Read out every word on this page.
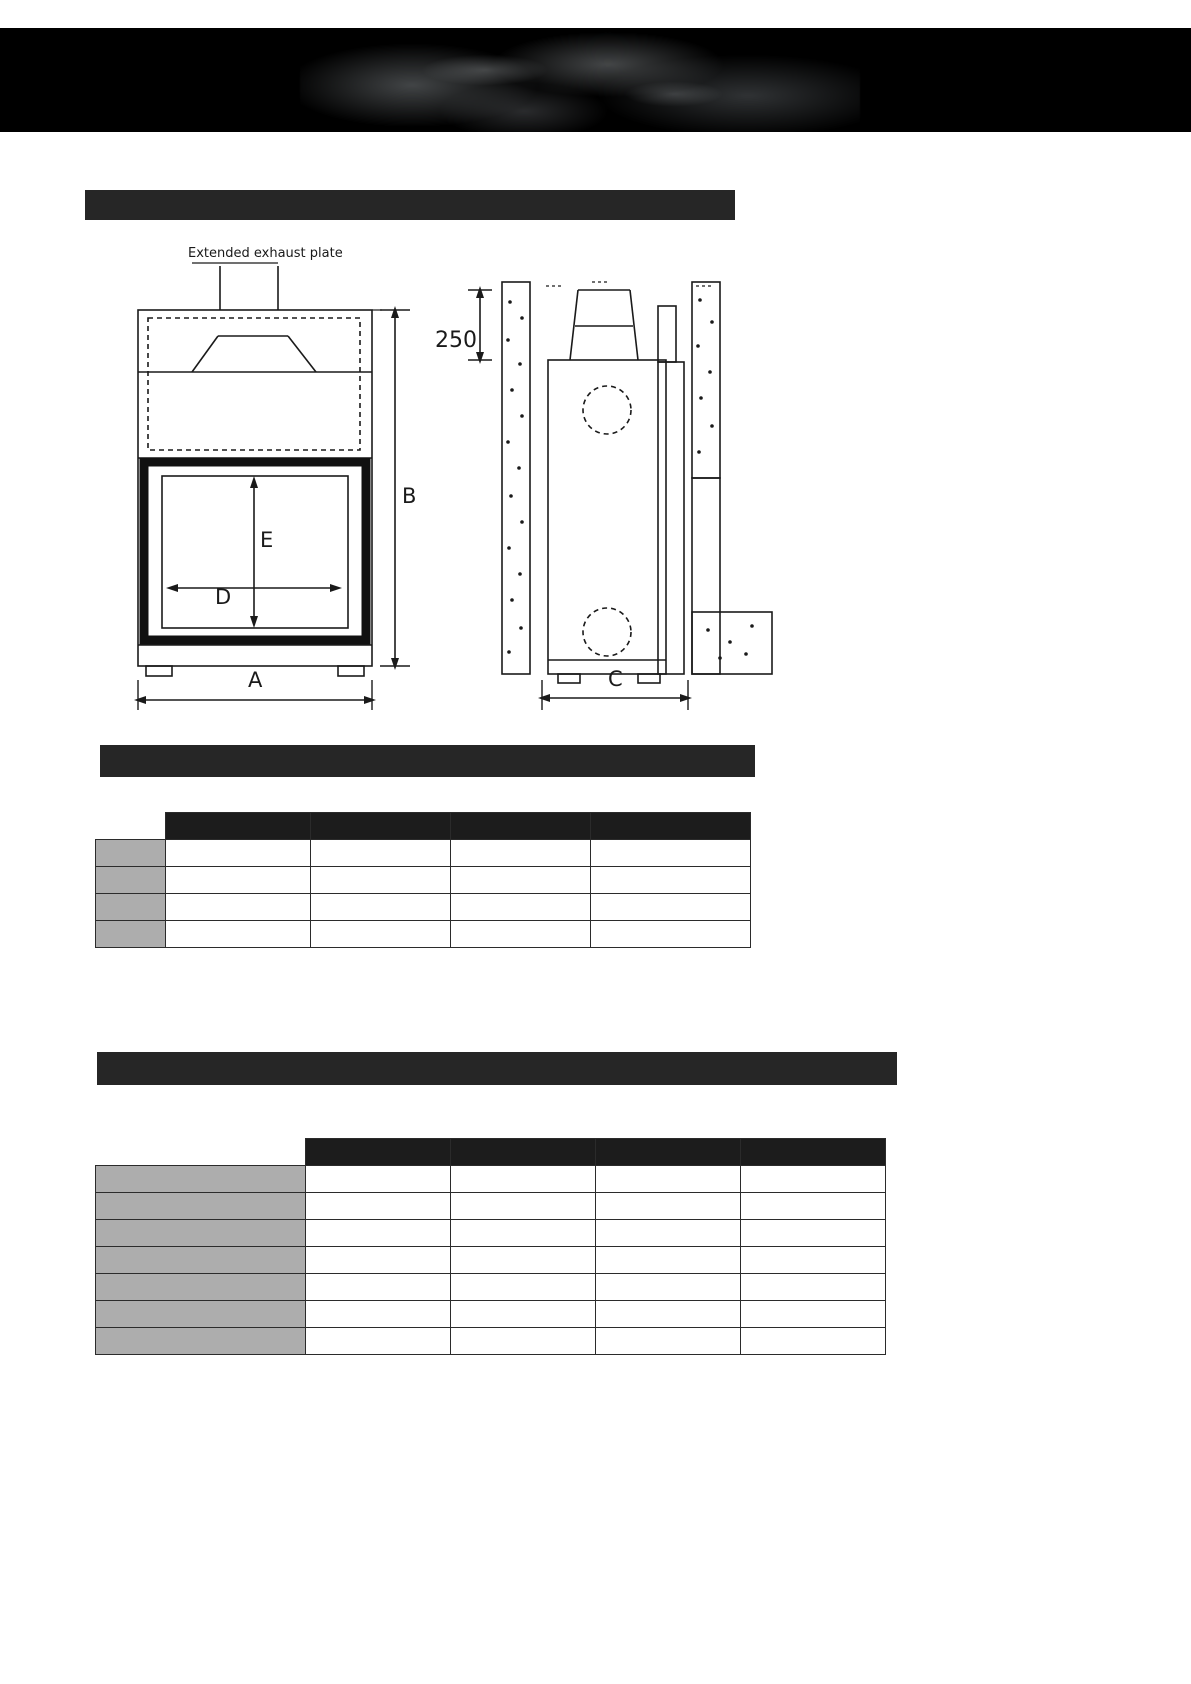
Extended exhaust plate
B
A	C
E
D
250
